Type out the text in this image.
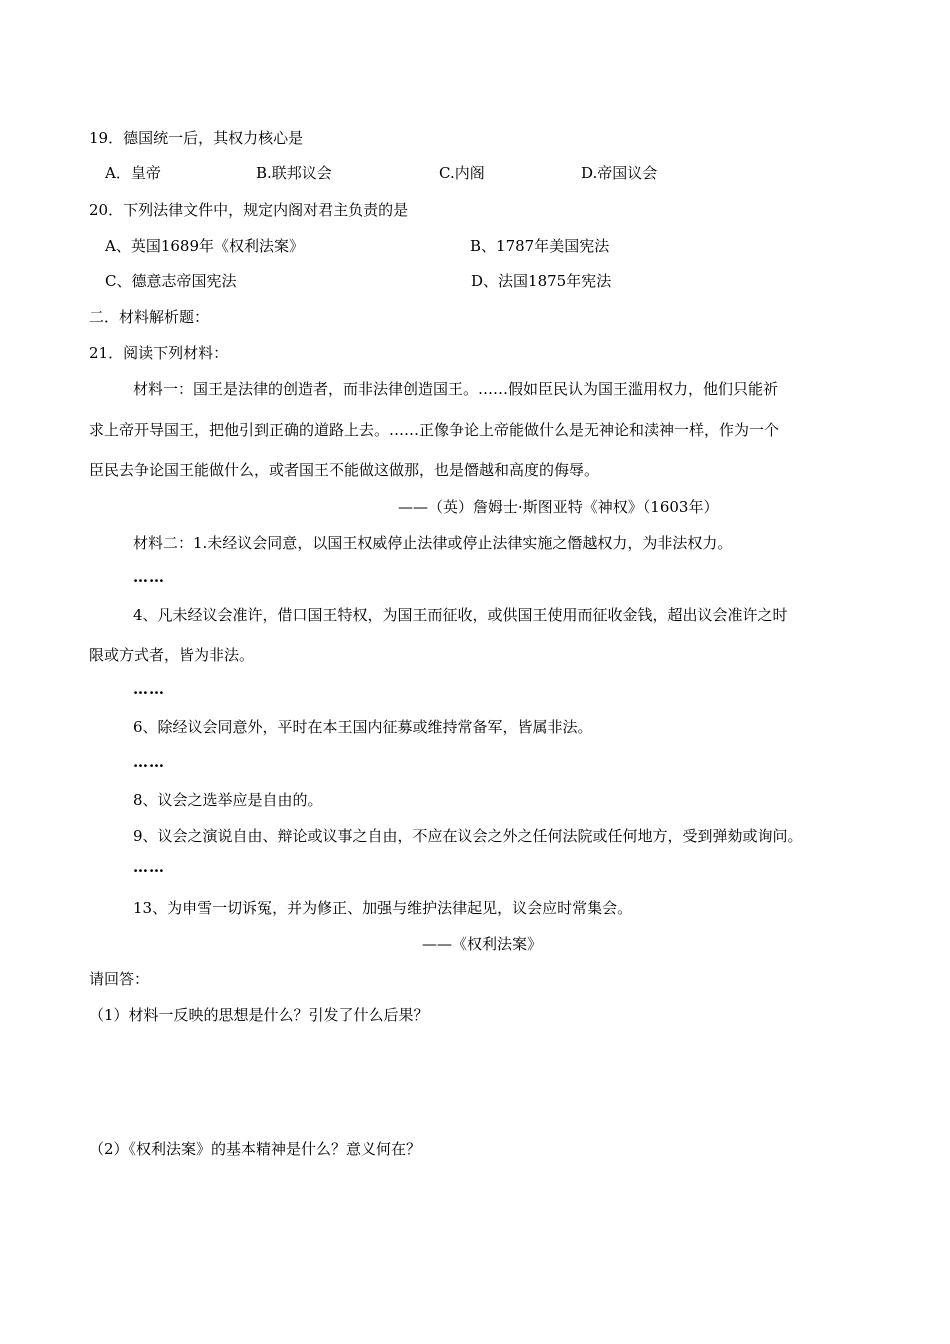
19．德国统一后，其权力核心是
A．皇帝	B.联邦议会	C.内阁	D.帝国议会
20．下列法律文件中，规定内阁对君主负责的是
A、英国1689年《权利法案》	B、1787年美国宪法
C、德意志帝国宪法	D、法国1875年宪法
二．材料解析题：
21．阅读下列材料：
材料一：国王是法律的创造者，而非法律创造国王。……假如臣民认为国王滥用权力，他们只能祈
求上帝开导国王，把他引到正确的道路上去。……正像争论上帝能做什么是无神论和渎神一样，作为一个
臣民去争论国王能做什么，或者国王不能做这做那，也是僭越和高度的侮辱。
——（英）詹姆士·斯图亚特《神权》（1603年）
材料二：1.未经议会同意，以国王权威停止法律或停止法律实施之僭越权力，为非法权力。
……
4、凡未经议会准许，借口国王特权，为国王而征收，或供国王使用而征收金钱，超出议会准许之时
限或方式者，皆为非法。
……
6、除经议会同意外，平时在本王国内征募或维持常备军，皆属非法。
……
8、议会之选举应是自由的。
9、议会之演说自由、辩论或议事之自由，不应在议会之外之任何法院或任何地方，受到弹劾或询问。
……
13、为申雪一切诉冤，并为修正、加强与维护法律起见，议会应时常集会。
——《权利法案》
请回答：
（1）材料一反映的思想是什么？引发了什么后果？
（2）《权利法案》的基本精神是什么？意义何在？
